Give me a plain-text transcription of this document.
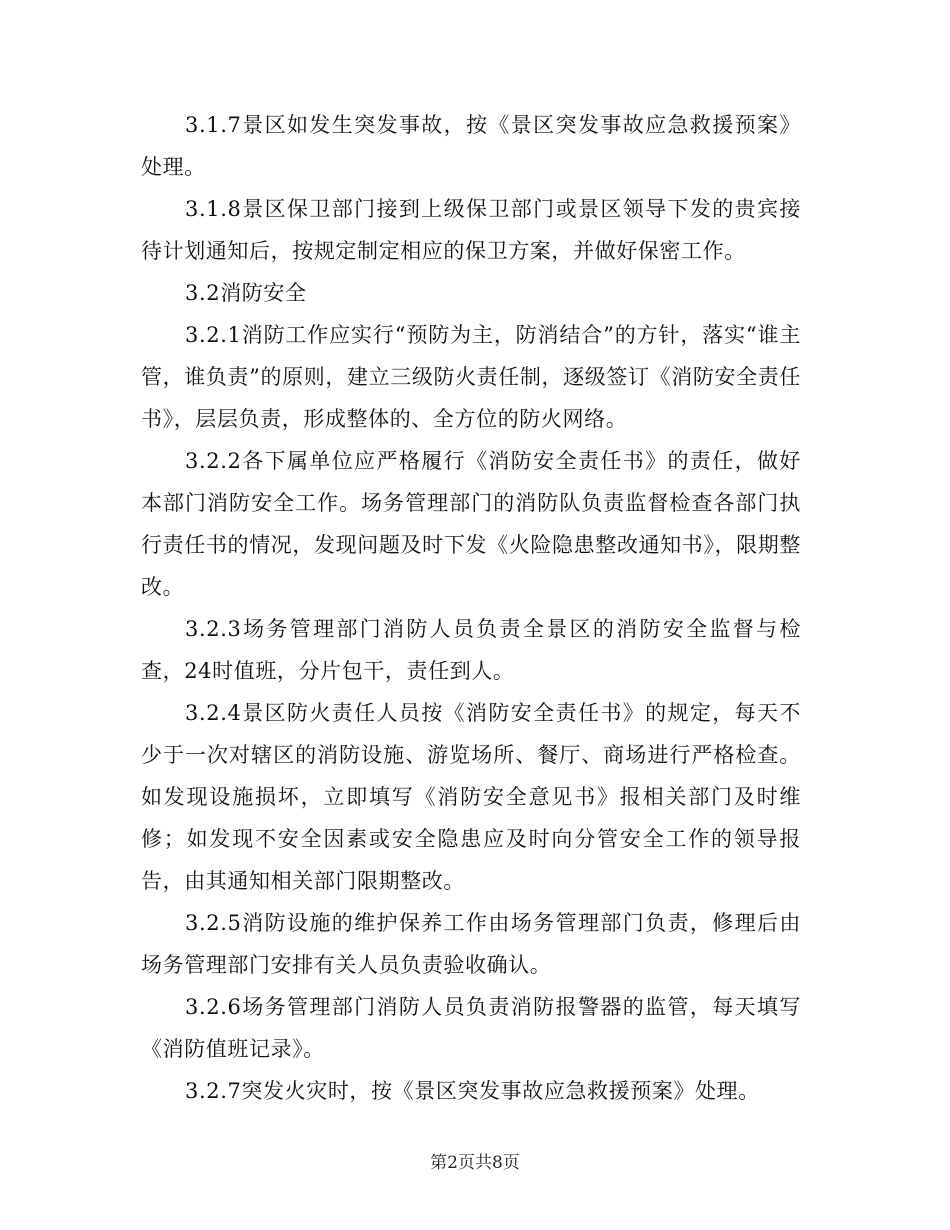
3.1.7景区如发生突发事故，按《景区突发事故应急救援预案》处理。

3.1.8景区保卫部门接到上级保卫部门或景区领导下发的贵宾接待计划通知后，按规定制定相应的保卫方案，并做好保密工作。

3.2消防安全

3.2.1消防工作应实行“预防为主，防消结合”的方针，落实“谁主管，谁负责”的原则，建立三级防火责任制，逐级签订《消防安全责任书》，层层负责，形成整体的、全方位的防火网络。

3.2.2各下属单位应严格履行《消防安全责任书》的责任，做好本部门消防安全工作。场务管理部门的消防队负责监督检查各部门执行责任书的情况，发现问题及时下发《火险隐患整改通知书》，限期整改。

3.2.3场务管理部门消防人员负责全景区的消防安全监督与检查，24时值班，分片包干，责任到人。

3.2.4景区防火责任人员按《消防安全责任书》的规定，每天不少于一次对辖区的消防设施、游览场所、餐厅、商场进行严格检查。如发现设施损坏，立即填写《消防安全意见书》报相关部门及时维修；如发现不安全因素或安全隐患应及时向分管安全工作的领导报告，由其通知相关部门限期整改。

3.2.5消防设施的维护保养工作由场务管理部门负责，修理后由场务管理部门安排有关人员负责验收确认。

3.2.6场务管理部门消防人员负责消防报警器的监管，每天填写《消防值班记录》。

3.2.7突发火灾时，按《景区突发事故应急救援预案》处理。

第2页共8页
